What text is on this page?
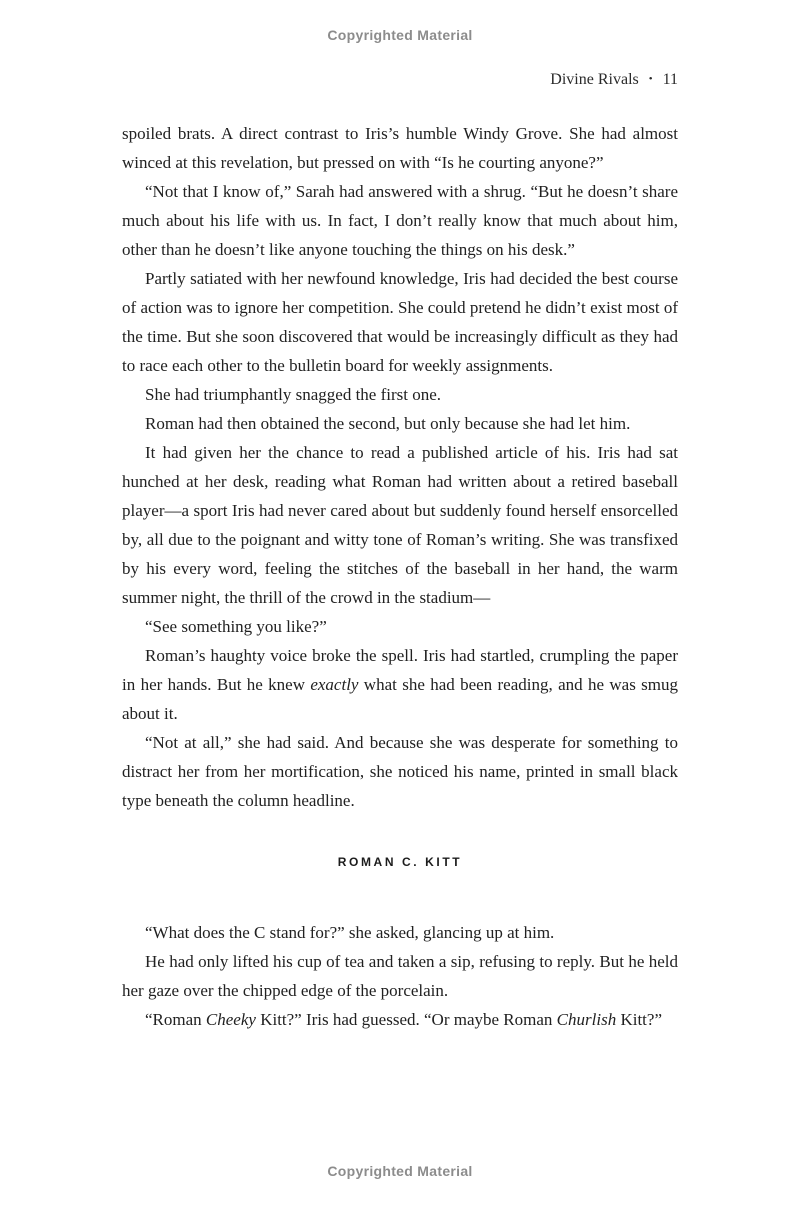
Copyrighted Material
Divine Rivals • 11

spoiled brats. A direct contrast to Iris’s humble Windy Grove. She had almost winced at this revelation, but pressed on with “Is he courting anyone?”

“Not that I know of,” Sarah had answered with a shrug. “But he doesn’t share much about his life with us. In fact, I don’t really know that much about him, other than he doesn’t like anyone touching the things on his desk.”

Partly satiated with her newfound knowledge, Iris had decided the best course of action was to ignore her competition. She could pretend he didn’t exist most of the time. But she soon discovered that would be increasingly difficult as they had to race each other to the bulletin board for weekly assignments.

She had triumphantly snagged the first one.

Roman had then obtained the second, but only because she had let him.

It had given her the chance to read a published article of his. Iris had sat hunched at her desk, reading what Roman had written about a retired baseball player—a sport Iris had never cared about but suddenly found herself ensorcelled by, all due to the poignant and witty tone of Roman’s writing. She was transfixed by his every word, feeling the stitches of the baseball in her hand, the warm summer night, the thrill of the crowd in the stadium—

“See something you like?”

Roman’s haughty voice broke the spell. Iris had startled, crumpling the paper in her hands. But he knew exactly what she had been reading, and he was smug about it.

“Not at all,” she had said. And because she was desperate for something to distract her from her mortification, she noticed his name, printed in small black type beneath the column headline.

ROMAN C. KITT

“What does the C stand for?” she asked, glancing up at him.

He had only lifted his cup of tea and taken a sip, refusing to reply. But he held her gaze over the chipped edge of the porcelain.

“Roman Cheeky Kitt?” Iris had guessed. “Or maybe Roman Churlish Kitt?”

Copyrighted Material
